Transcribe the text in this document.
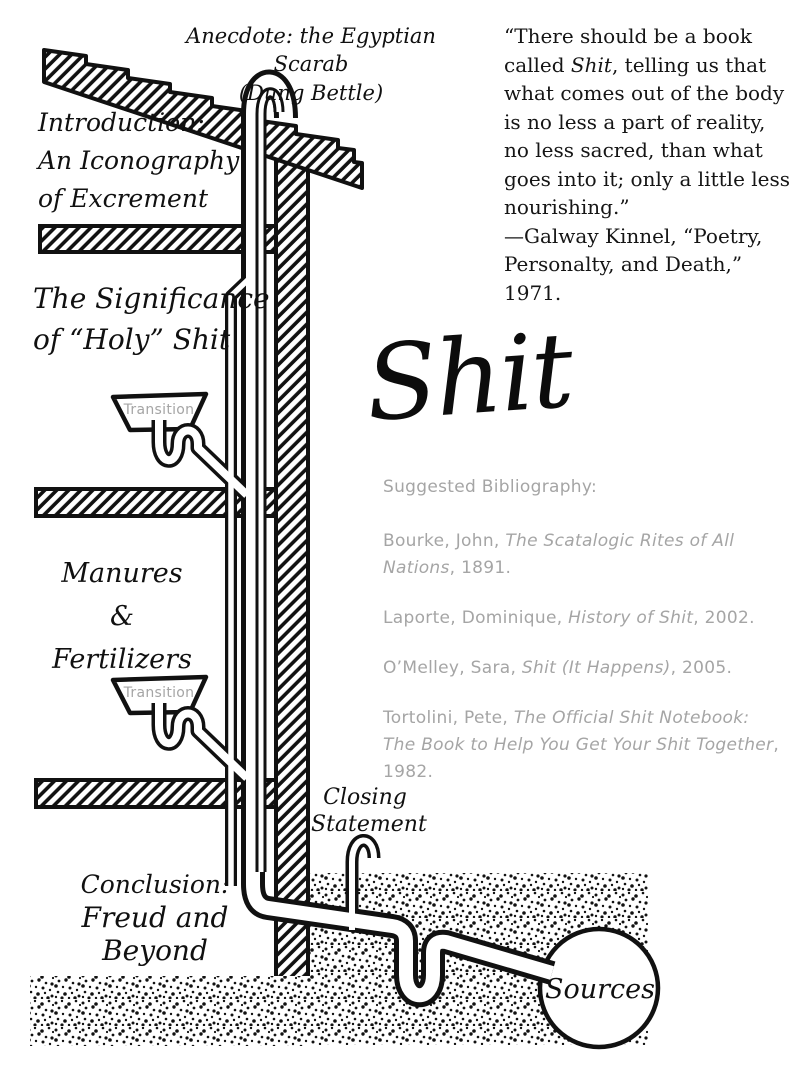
“There should be a book called Shit, telling us that what comes out of the body is no less a part of reality, no less sacred, than what goes into it; only a little less nourishing.”
—Galway Kinnel, “Poetry, Personalty, and Death,” 1971.
Shit
Suggested Bibliography:

Bourke, John, The Scatalogic Rites of All Nations, 1891.

Laporte, Dominique, History of Shit, 2002.

O’Melley, Sara, Shit (It Happens), 2005.

Tortolini, Pete, The Official Shit Notebook: The Book to Help You Get Your Shit Together, 1982.

Anecdote: the Egyptian Scarab
(Dung Bettle)
Introduction:
An Iconography
of Excrement
The Significance
of “Holy” Shit
Manures &
Fertilizers
Conclusion:
Freud and Beyond
Closing
Statement
Transition
Transition
Sources
